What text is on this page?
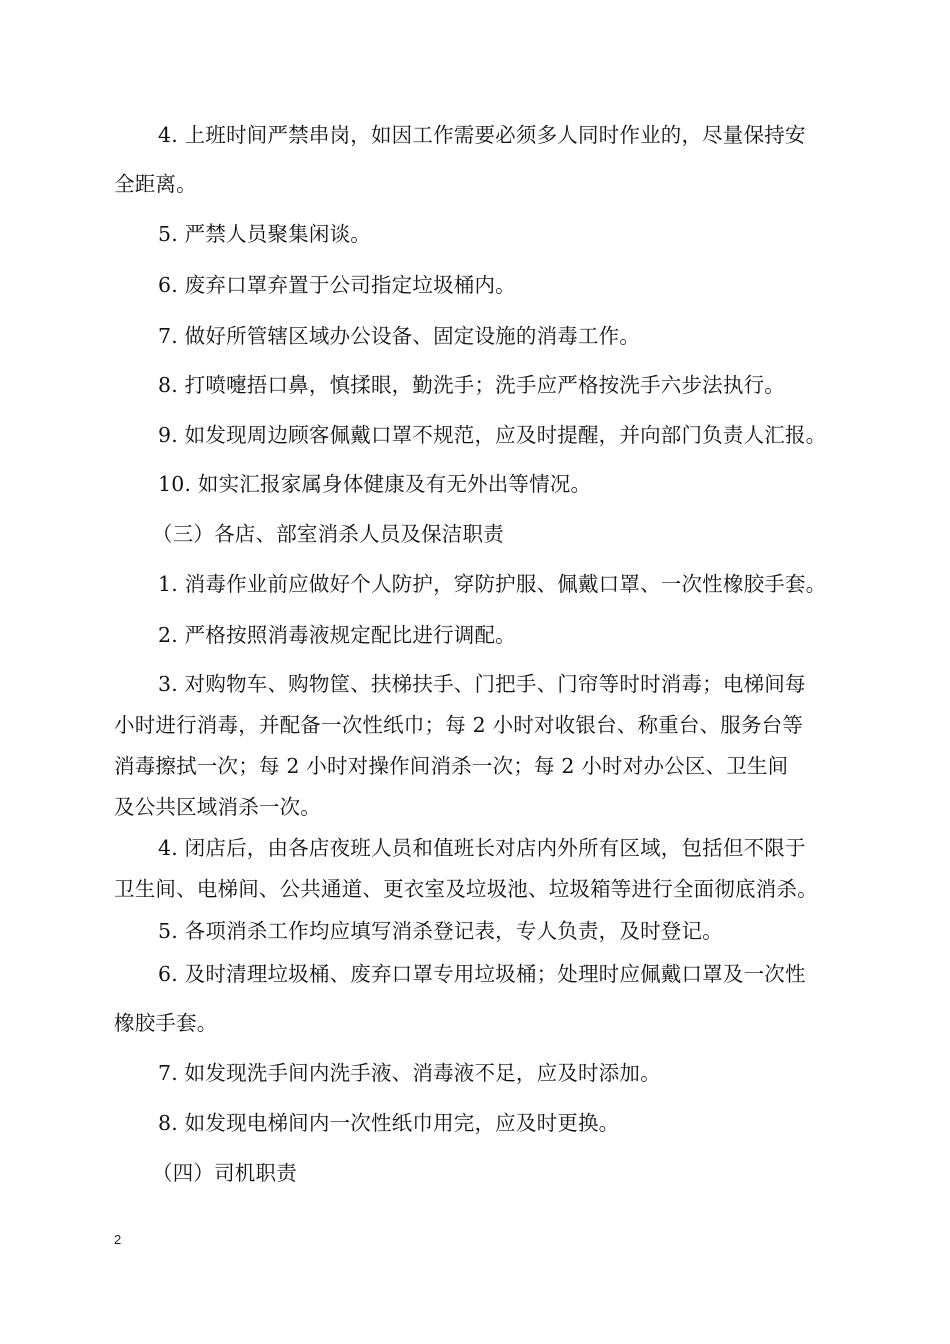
4. 上班时间严禁串岗，如因工作需要必须多人同时作业的，尽量保持安
全距离。
5. 严禁人员聚集闲谈。
6. 废弃口罩弃置于公司指定垃圾桶内。
7. 做好所管辖区域办公设备、固定设施的消毒工作。
8. 打喷嚏捂口鼻，慎揉眼，勤洗手；洗手应严格按洗手六步法执行。
9. 如发现周边顾客佩戴口罩不规范，应及时提醒，并向部门负责人汇报。
10. 如实汇报家属身体健康及有无外出等情况。
（三）各店、部室消杀人员及保洁职责
1. 消毒作业前应做好个人防护，穿防护服、佩戴口罩、一次性橡胶手套。
2. 严格按照消毒液规定配比进行调配。
3. 对购物车、购物筐、扶梯扶手、门把手、门帘等时时消毒；电梯间每
小时进行消毒，并配备一次性纸巾；每 2 小时对收银台、称重台、服务台等
消毒擦拭一次；每 2 小时对操作间消杀一次；每 2 小时对办公区、卫生间
及公共区域消杀一次。
4. 闭店后，由各店夜班人员和值班长对店内外所有区域，包括但不限于
卫生间、电梯间、公共通道、更衣室及垃圾池、垃圾箱等进行全面彻底消杀。
5. 各项消杀工作均应填写消杀登记表，专人负责，及时登记。
6. 及时清理垃圾桶、废弃口罩专用垃圾桶；处理时应佩戴口罩及一次性
橡胶手套。
7. 如发现洗手间内洗手液、消毒液不足，应及时添加。
8. 如发现电梯间内一次性纸巾用完，应及时更换。
（四）司机职责
2
